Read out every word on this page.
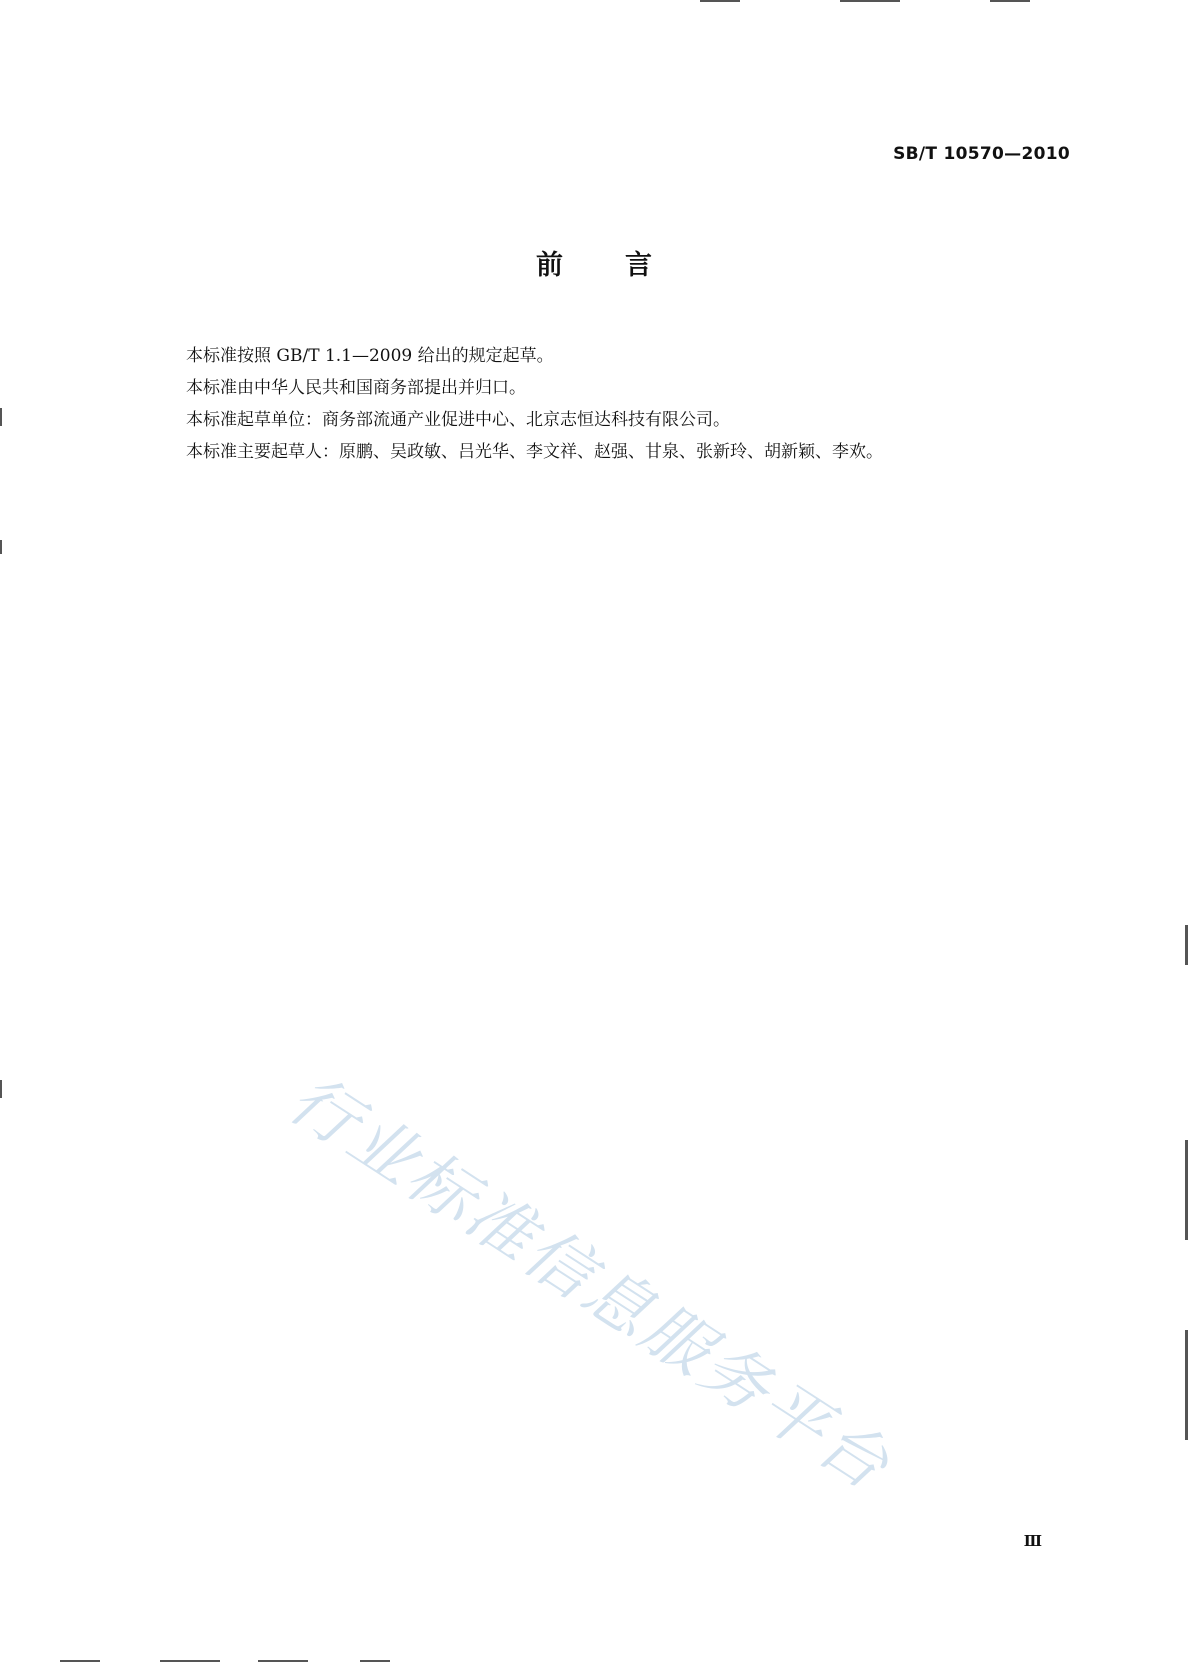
SB/T 10570—2010
前言

本标准按照 GB/T 1.1—2009 给出的规定起草。

本标准由中华人民共和国商务部提出并归口。

本标准起草单位：商务部流通产业促进中心、北京志恒达科技有限公司。

本标准主要起草人：原鹏、吴政敏、吕光华、李文祥、赵强、甘泉、张新玲、胡新颖、李欢。

行业标准信息服务平台
Ⅲ
